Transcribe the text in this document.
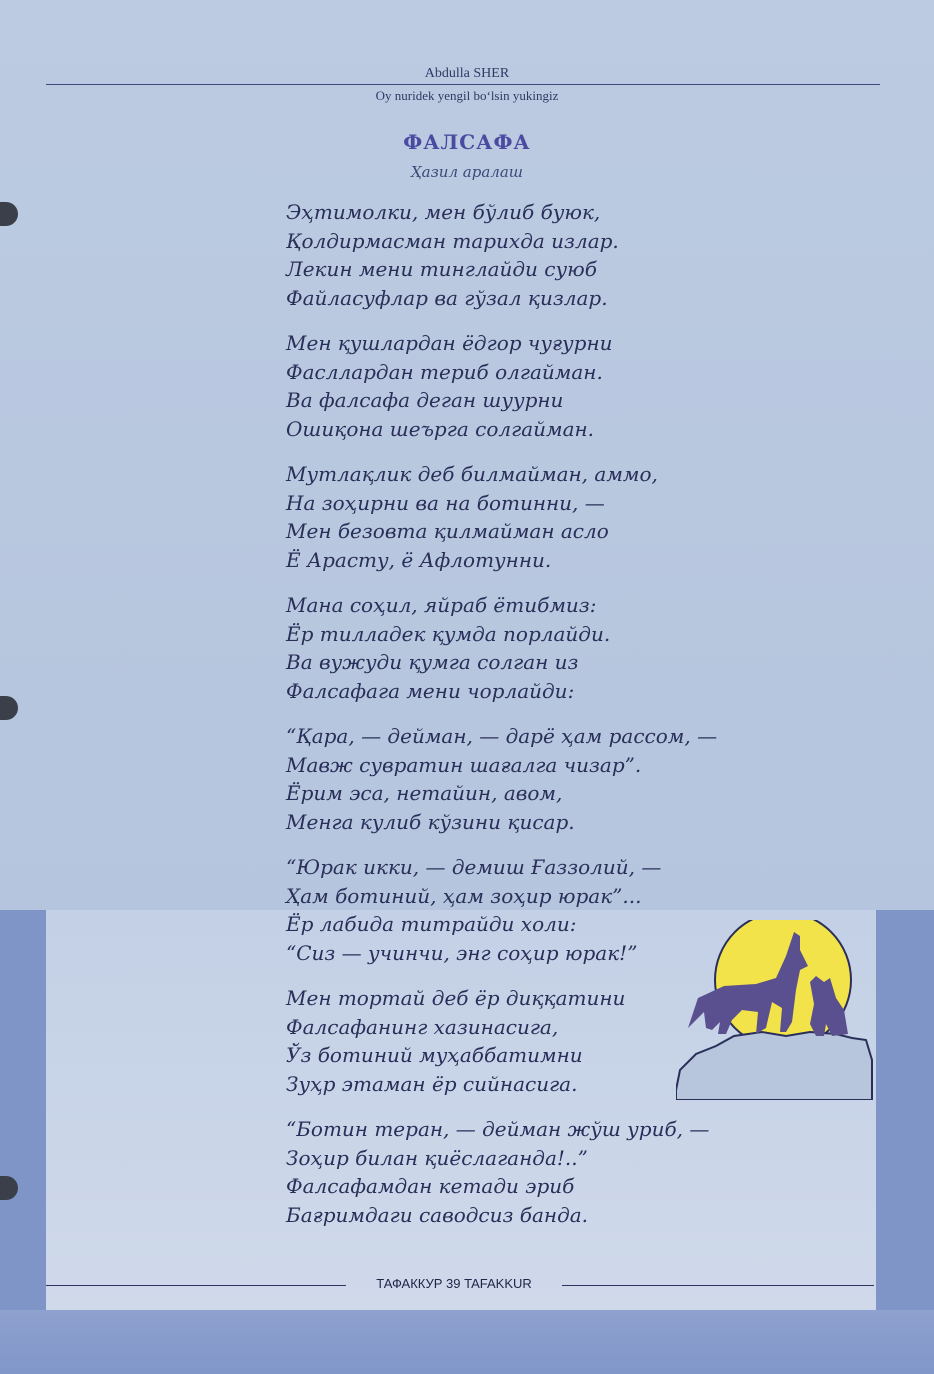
Abdulla SHER
Oy nuridek yengil bo‘lsin yukingiz
ФАЛСАФА
Ҳазил аралаш
Эҳтимолки, мен бўлиб буюк,
Қолдирмасман тарихда излар.
Лекин мени тинглайди суюб
Файласуфлар ва гўзал қизлар.
Мен қушлардан ёдгор чуғурни
Фасллардан териб олгайман.
Ва фалсафа деган шуурни
Ошиқона шеърга солгайман.
Мутлақлик деб билмайман, аммо,
На зоҳирни ва на ботинни, —
Мен безовта қилмайман асло
Ё Арасту, ё Афлотунни.
Мана соҳил, яйраб ётибмиз:
Ёр тилладек қумда порлайди.
Ва вужуди қумга солган из
Фалсафага мени чорлайди:
“Қара, — дейман, — дарё ҳам рассом, —
Мавж сувратин шағалга чизар”.
Ёрим эса, нетайин, авом,
Менга кулиб кўзини қисар.
“Юрак икки, — демиш Ғаззолий, —
Ҳам ботиний, ҳам зоҳир юрак”...
Ёр лабида титрайди холи:
“Сиз — учинчи, энг соҳир юрак!”
Мен тортай деб ёр диққатини
Фалсафанинг хазинасига,
Ўз ботиний муҳаббатимни
Зуҳр этаман ёр сийнасига.
“Ботин теран, — дейман жўш уриб, —
Зоҳир билан қиёслаганда!..”
Фалсафамдан кетади эриб
Бағримдаги саводсиз банда.
ТАФАККУР 39 TAFAKKUR
